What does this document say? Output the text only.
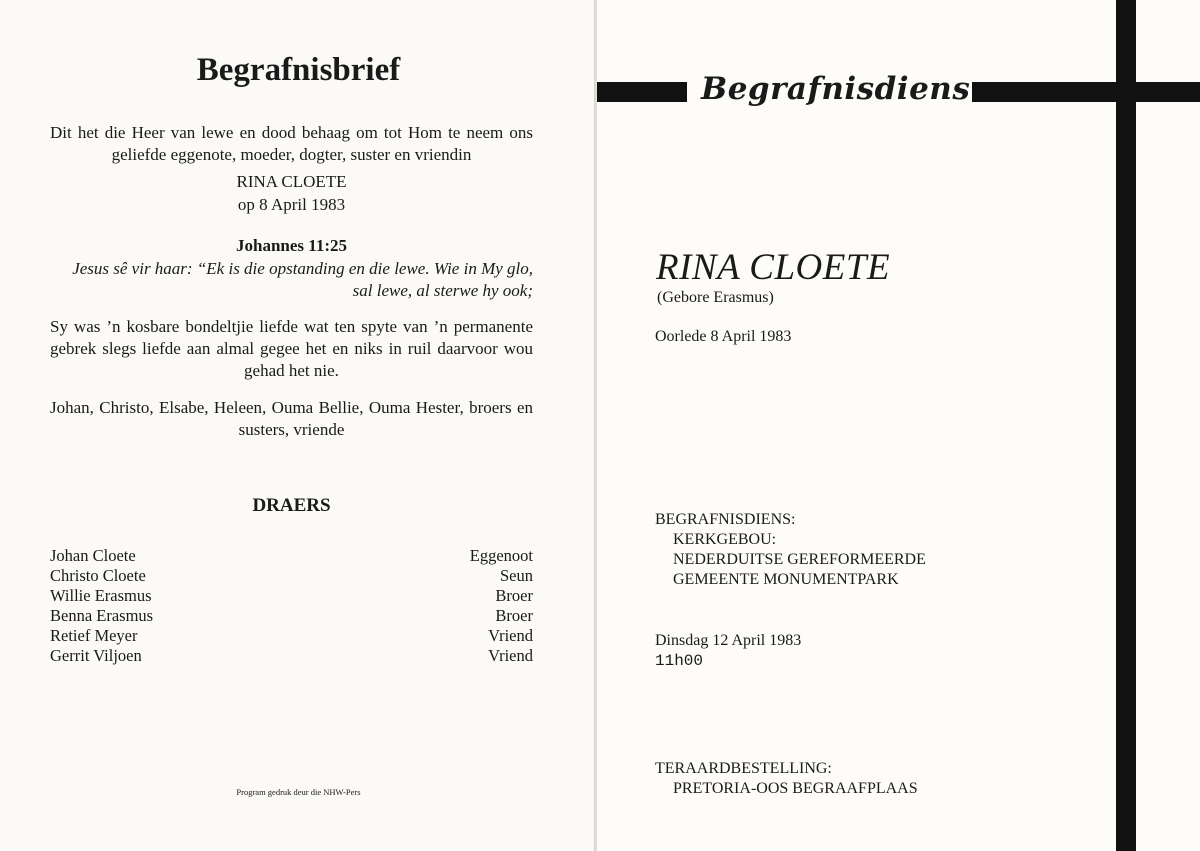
Begrafnisbrief
Dit het die Heer van lewe en dood behaag om tot Hom te neem ons geliefde eggenote, moeder, dogter, suster en vriendin
RINA CLOETE
op 8 April 1983
Johannes 11:25
Jesus sê vir haar: “Ek is die opstanding en die lewe. Wie in My glo, sal lewe, al sterwe hy ook;
Sy was ’n kosbare bondeltjie liefde wat ten spyte van ’n permanente gebrek slegs liefde aan almal gegee het en niks in ruil daarvoor wou gehad het nie.
Johan, Christo, Elsabe, Heleen, Ouma Bellie, Ouma Hester, broers en susters, vriende
DRAERS
Johan Cloete	Eggenoot
Christo Cloete	Seun
Willie Erasmus	Broer
Benna Erasmus	Broer
Retief Meyer	Vriend
Gerrit Viljoen	Vriend
Program gedruk deur die NHW-Pers
Begrafnisdiens
RINA CLOETE
(Gebore Erasmus)
Oorlede 8 April 1983
BEGRAFNISDIENS:
KERKGEBOU:
NEDERDUITSE GEREFORMEERDE
GEMEENTE MONUMENTPARK
Dinsdag 12 April 1983
11h00
TERAARDBESTELLING:
PRETORIA-OOS BEGRAAFPLAAS
